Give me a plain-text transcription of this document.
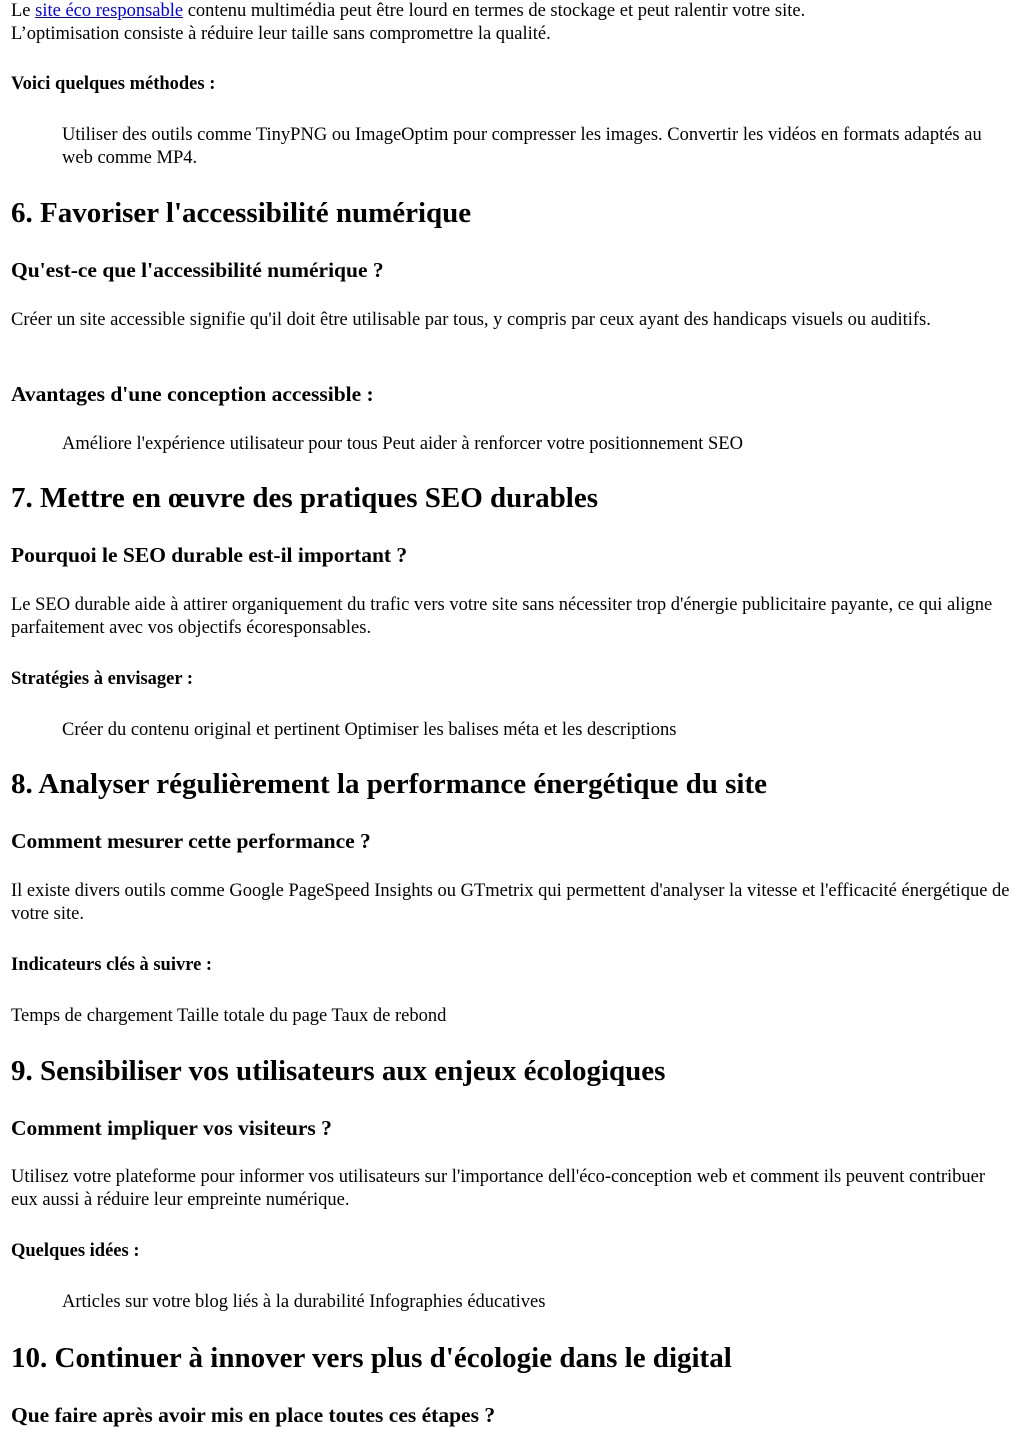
Le site éco responsable contenu multimédia peut être lourd en termes de stockage et peut ralentir votre site.
L’optimisation consiste à réduire leur taille sans compromettre la qualité.

Voici quelques méthodes :

Utiliser des outils comme TinyPNG ou ImageOptim pour compresser les images. Convertir les vidéos en formats adaptés au web comme MP4.

6. Favoriser l'accessibilité numérique
Qu'est-ce que l'accessibilité numérique ?

Créer un site accessible signifie qu'il doit être utilisable par tous, y compris par ceux ayant des handicaps visuels ou auditifs.

Avantages d'une conception accessible :

Améliore l'expérience utilisateur pour tous Peut aider à renforcer votre positionnement SEO

7. Mettre en œuvre des pratiques SEO durables
Pourquoi le SEO durable est-il important ?

Le SEO durable aide à attirer organiquement du trafic vers votre site sans nécessiter trop d'énergie publicitaire payante, ce qui aligne parfaitement avec vos objectifs écoresponsables.

Stratégies à envisager :

Créer du contenu original et pertinent Optimiser les balises méta et les descriptions

8. Analyser régulièrement la performance énergétique du site
Comment mesurer cette performance ?

Il existe divers outils comme Google PageSpeed Insights ou GTmetrix qui permettent d'analyser la vitesse et l'efficacité énergétique de votre site.

Indicateurs clés à suivre :

Temps de chargement Taille totale du page Taux de rebond

9. Sensibiliser vos utilisateurs aux enjeux écologiques
Comment impliquer vos visiteurs ?

Utilisez votre plateforme pour informer vos utilisateurs sur l'importance dell'éco-conception web et comment ils peuvent contribuer eux aussi à réduire leur empreinte numérique.

Quelques idées :

Articles sur votre blog liés à la durabilité Infographies éducatives

10. Continuer à innover vers plus d'écologie dans le digital
Que faire après avoir mis en place toutes ces étapes ?
